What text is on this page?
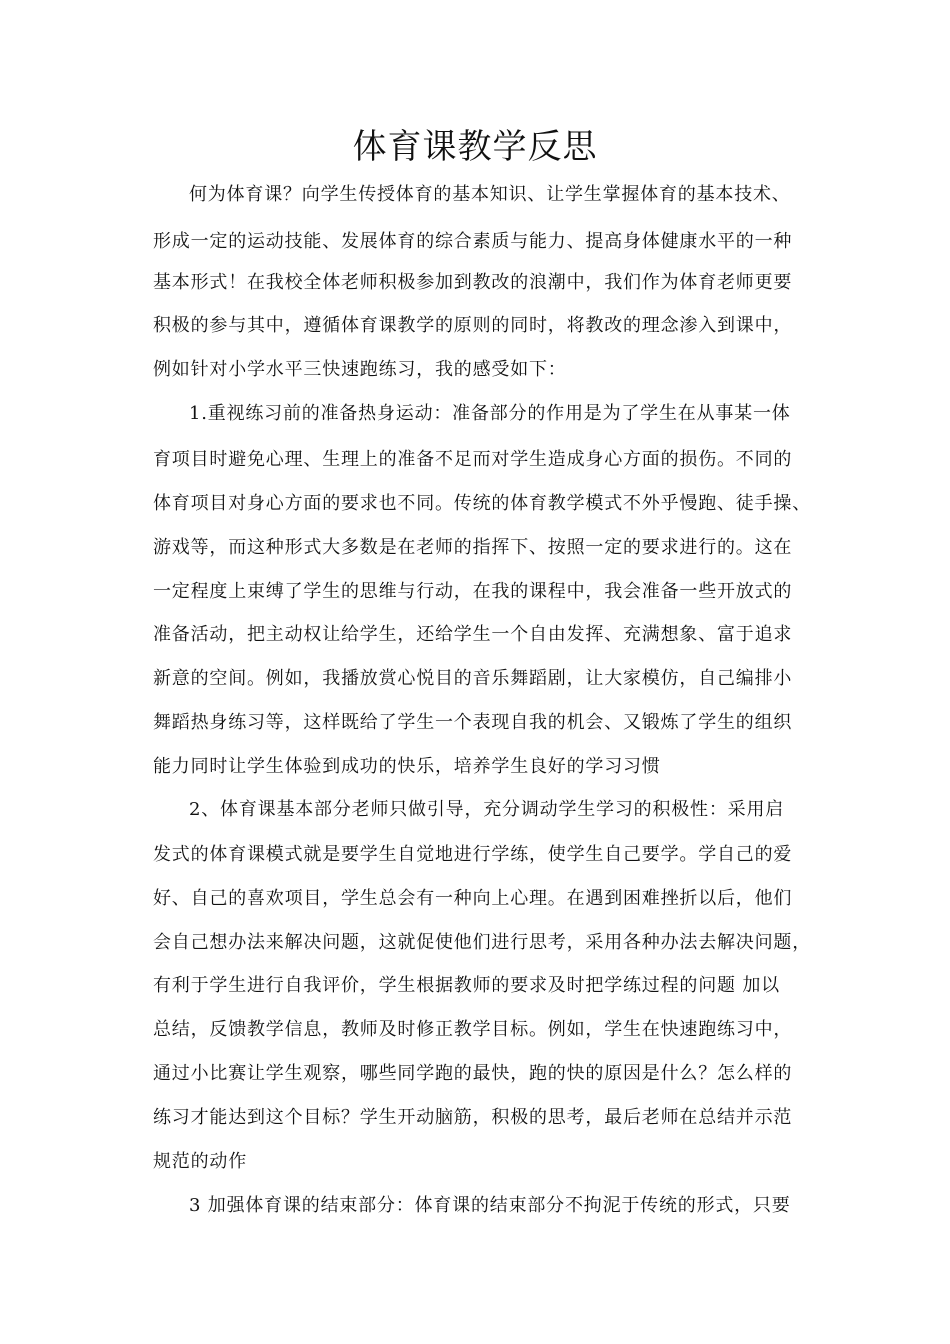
体育课教学反思
何为体育课？向学生传授体育的基本知识、让学生掌握体育的基本技术、
形成一定的运动技能、发展体育的综合素质与能力、提高身体健康水平的一种
基本形式！在我校全体老师积极参加到教改的浪潮中，我们作为体育老师更要
积极的参与其中，遵循体育课教学的原则的同时，将教改的理念渗入到课中，
例如针对小学水平三快速跑练习，我的感受如下：
1.重视练习前的准备热身运动：准备部分的作用是为了学生在从事某一体
育项目时避免心理、生理上的准备不足而对学生造成身心方面的损伤。不同的
体育项目对身心方面的要求也不同。传统的体育教学模式不外乎慢跑、徒手操、
游戏等，而这种形式大多数是在老师的指挥下、按照一定的要求进行的。这在
一定程度上束缚了学生的思维与行动，在我的课程中，我会准备一些开放式的
准备活动，把主动权让给学生，还给学生一个自由发挥、充满想象、富于追求
新意的空间。例如，我播放赏心悦目的音乐舞蹈剧，让大家模仿，自己编排小
舞蹈热身练习等，这样既给了学生一个表现自我的机会、又锻炼了学生的组织
能力同时让学生体验到成功的快乐，培养学生良好的学习习惯
2、体育课基本部分老师只做引导，充分调动学生学习的积极性：采用启
发式的体育课模式就是要学生自觉地进行学练，使学生自己要学。学自己的爱
好、自己的喜欢项目，学生总会有一种向上心理。在遇到困难挫折以后，他们
会自己想办法来解决问题，这就促使他们进行思考，采用各种办法去解决问题，
有利于学生进行自我评价，学生根据教师的要求及时把学练过程的问题 加以
总结，反馈教学信息，教师及时修正教学目标。例如，学生在快速跑练习中，
通过小比赛让学生观察，哪些同学跑的最快，跑的快的原因是什么？怎么样的
练习才能达到这个目标？学生开动脑筋，积极的思考，最后老师在总结并示范
规范的动作
3 加强体育课的结束部分：体育课的结束部分不拘泥于传统的形式，只要
